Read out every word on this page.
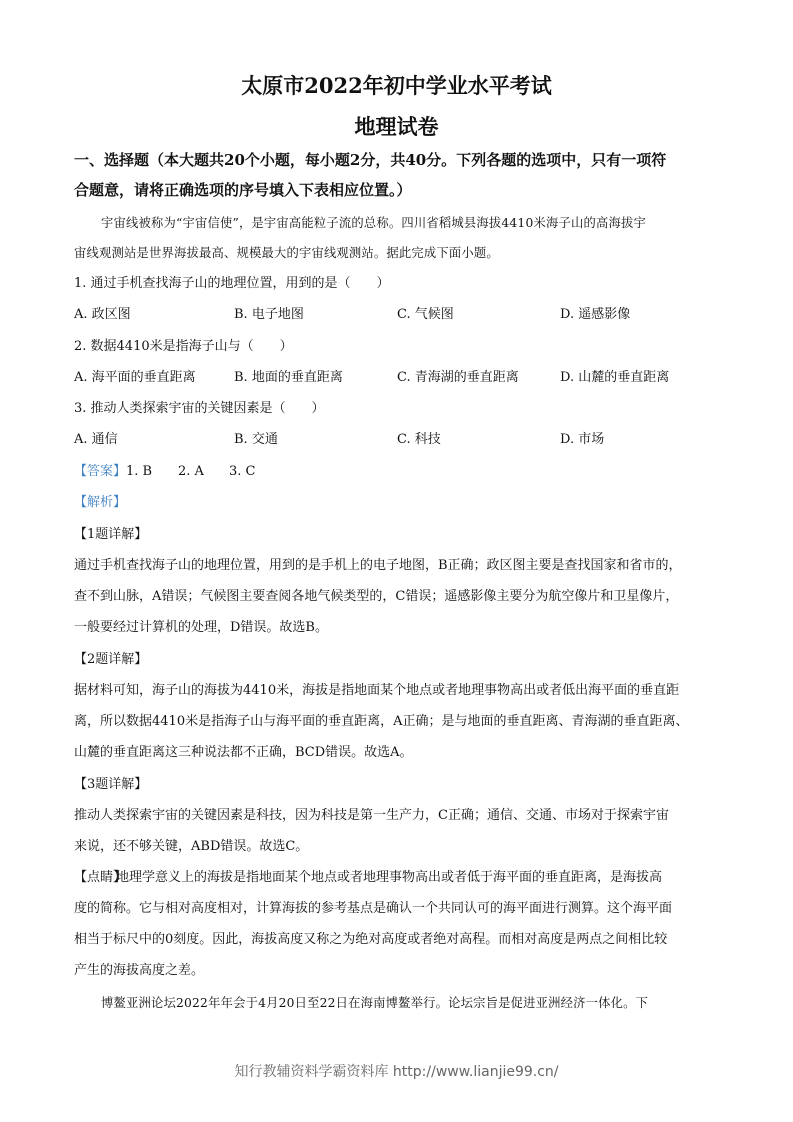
太原市2022年初中学业水平考试
地理试卷

一、选择题（本大题共20个小题，每小题2分，共40分。下列各题的选项中，只有一项符

合题意，请将正确选项的序号填入下表相应位置。）

宇宙线被称为“宇宙信使”，是宇宙高能粒子流的总称。四川省稻城县海拔4410米海子山的高海拔宇

宙线观测站是世界海拔最高、规模最大的宇宙线观测站。据此完成下面小题。

1. 通过手机查找海子山的地理位置，用到的是（　　）

A. 政区图	B. 电子地图	C. 气候图	D. 遥感影像

2. 数据4410米是指海子山与（　　）

A. 海平面的垂直距离	B. 地面的垂直距离	C. 青海湖的垂直距离	D. 山麓的垂直距离

3. 推动人类探索宇宙的关键因素是（　　）

A. 通信	B. 交通	C. 科技	D. 市场
【答案】 1. B 2. A 3. C

【解析】

【1题详解】

通过手机查找海子山的地理位置，用到的是手机上的电子地图，B正确；政区图主要是查找国家和省市的，

查不到山脉，A错误；气候图主要查阅各地气候类型的，C错误；遥感影像主要分为航空像片和卫星像片，

一般要经过计算机的处理，D错误。故选B。

【2题详解】

据材料可知，海子山的海拔为4410米，海拔是指地面某个地点或者地理事物高出或者低出海平面的垂直距

离，所以数据4410米是指海子山与海平面的垂直距离，A正确；是与地面的垂直距离、青海湖的垂直距离、

山麓的垂直距离这三种说法都不正确，BCD错误。故选A。

【3题详解】

推动人类探索宇宙的关键因素是科技，因为科技是第一生产力，C正确；通信、交通、市场对于探索宇宙

来说，还不够关键，ABD错误。故选C。

【点睛】
地理学意义上的海拔是指地面某个地点或者地理事物高出或者低于海平面的垂直距离，是海拔高

度的简称。它与相对高度相对，计算海拔的参考基点是确认一个共同认可的海平面进行测算。这个海平面

相当于标尺中的0刻度。因此，海拔高度又称之为绝对高度或者绝对高程。而相对高度是两点之间相比较

产生的海拔高度之差。

博鳌亚洲论坛2022年年会于4月20日至22日在海南博鳌举行。论坛宗旨是促进亚洲经济一体化。下

知行教辅资料学霸资料库 http://www.lianjie99.cn/
